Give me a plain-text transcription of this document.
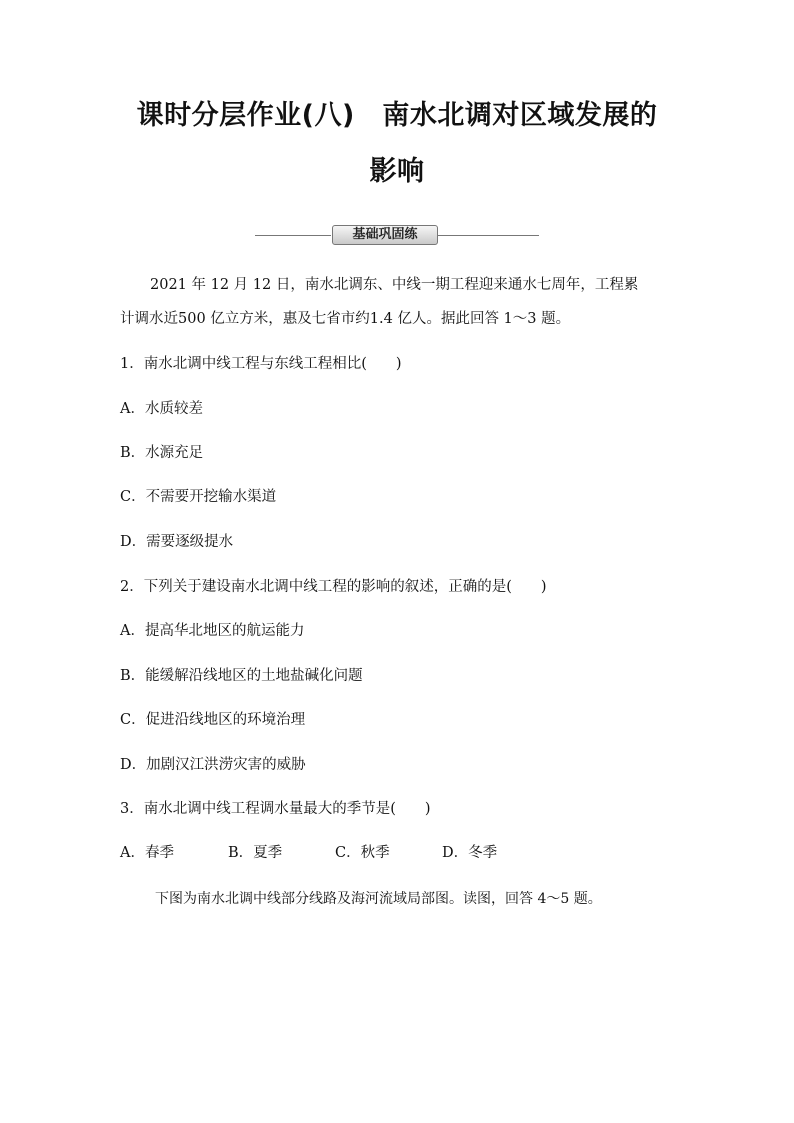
课时分层作业(八)　南水北调对区域发展的
影响
基础巩固练
2021 年 12 月 12 日，南水北调东、中线一期工程迎来通水七周年，工程累
计调水近500 亿立方米，惠及七省市约1.4 亿人。据此回答 1～3 题。
1．南水北调中线工程与东线工程相比(　　)
A．水质较差
B．水源充足
C．不需要开挖输水渠道
D．需要逐级提水
2．下列关于建设南水北调中线工程的影响的叙述，正确的是(　　)
A．提高华北地区的航运能力
B．能缓解沿线地区的土地盐碱化问题
C．促进沿线地区的环境治理
D．加剧汉江洪涝灾害的威胁
3．南水北调中线工程调水量最大的季节是(　　)
A．春季	B．夏季	C．秋季	D．冬季
下图为南水北调中线部分线路及海河流域局部图。读图，回答 4～5 题。
